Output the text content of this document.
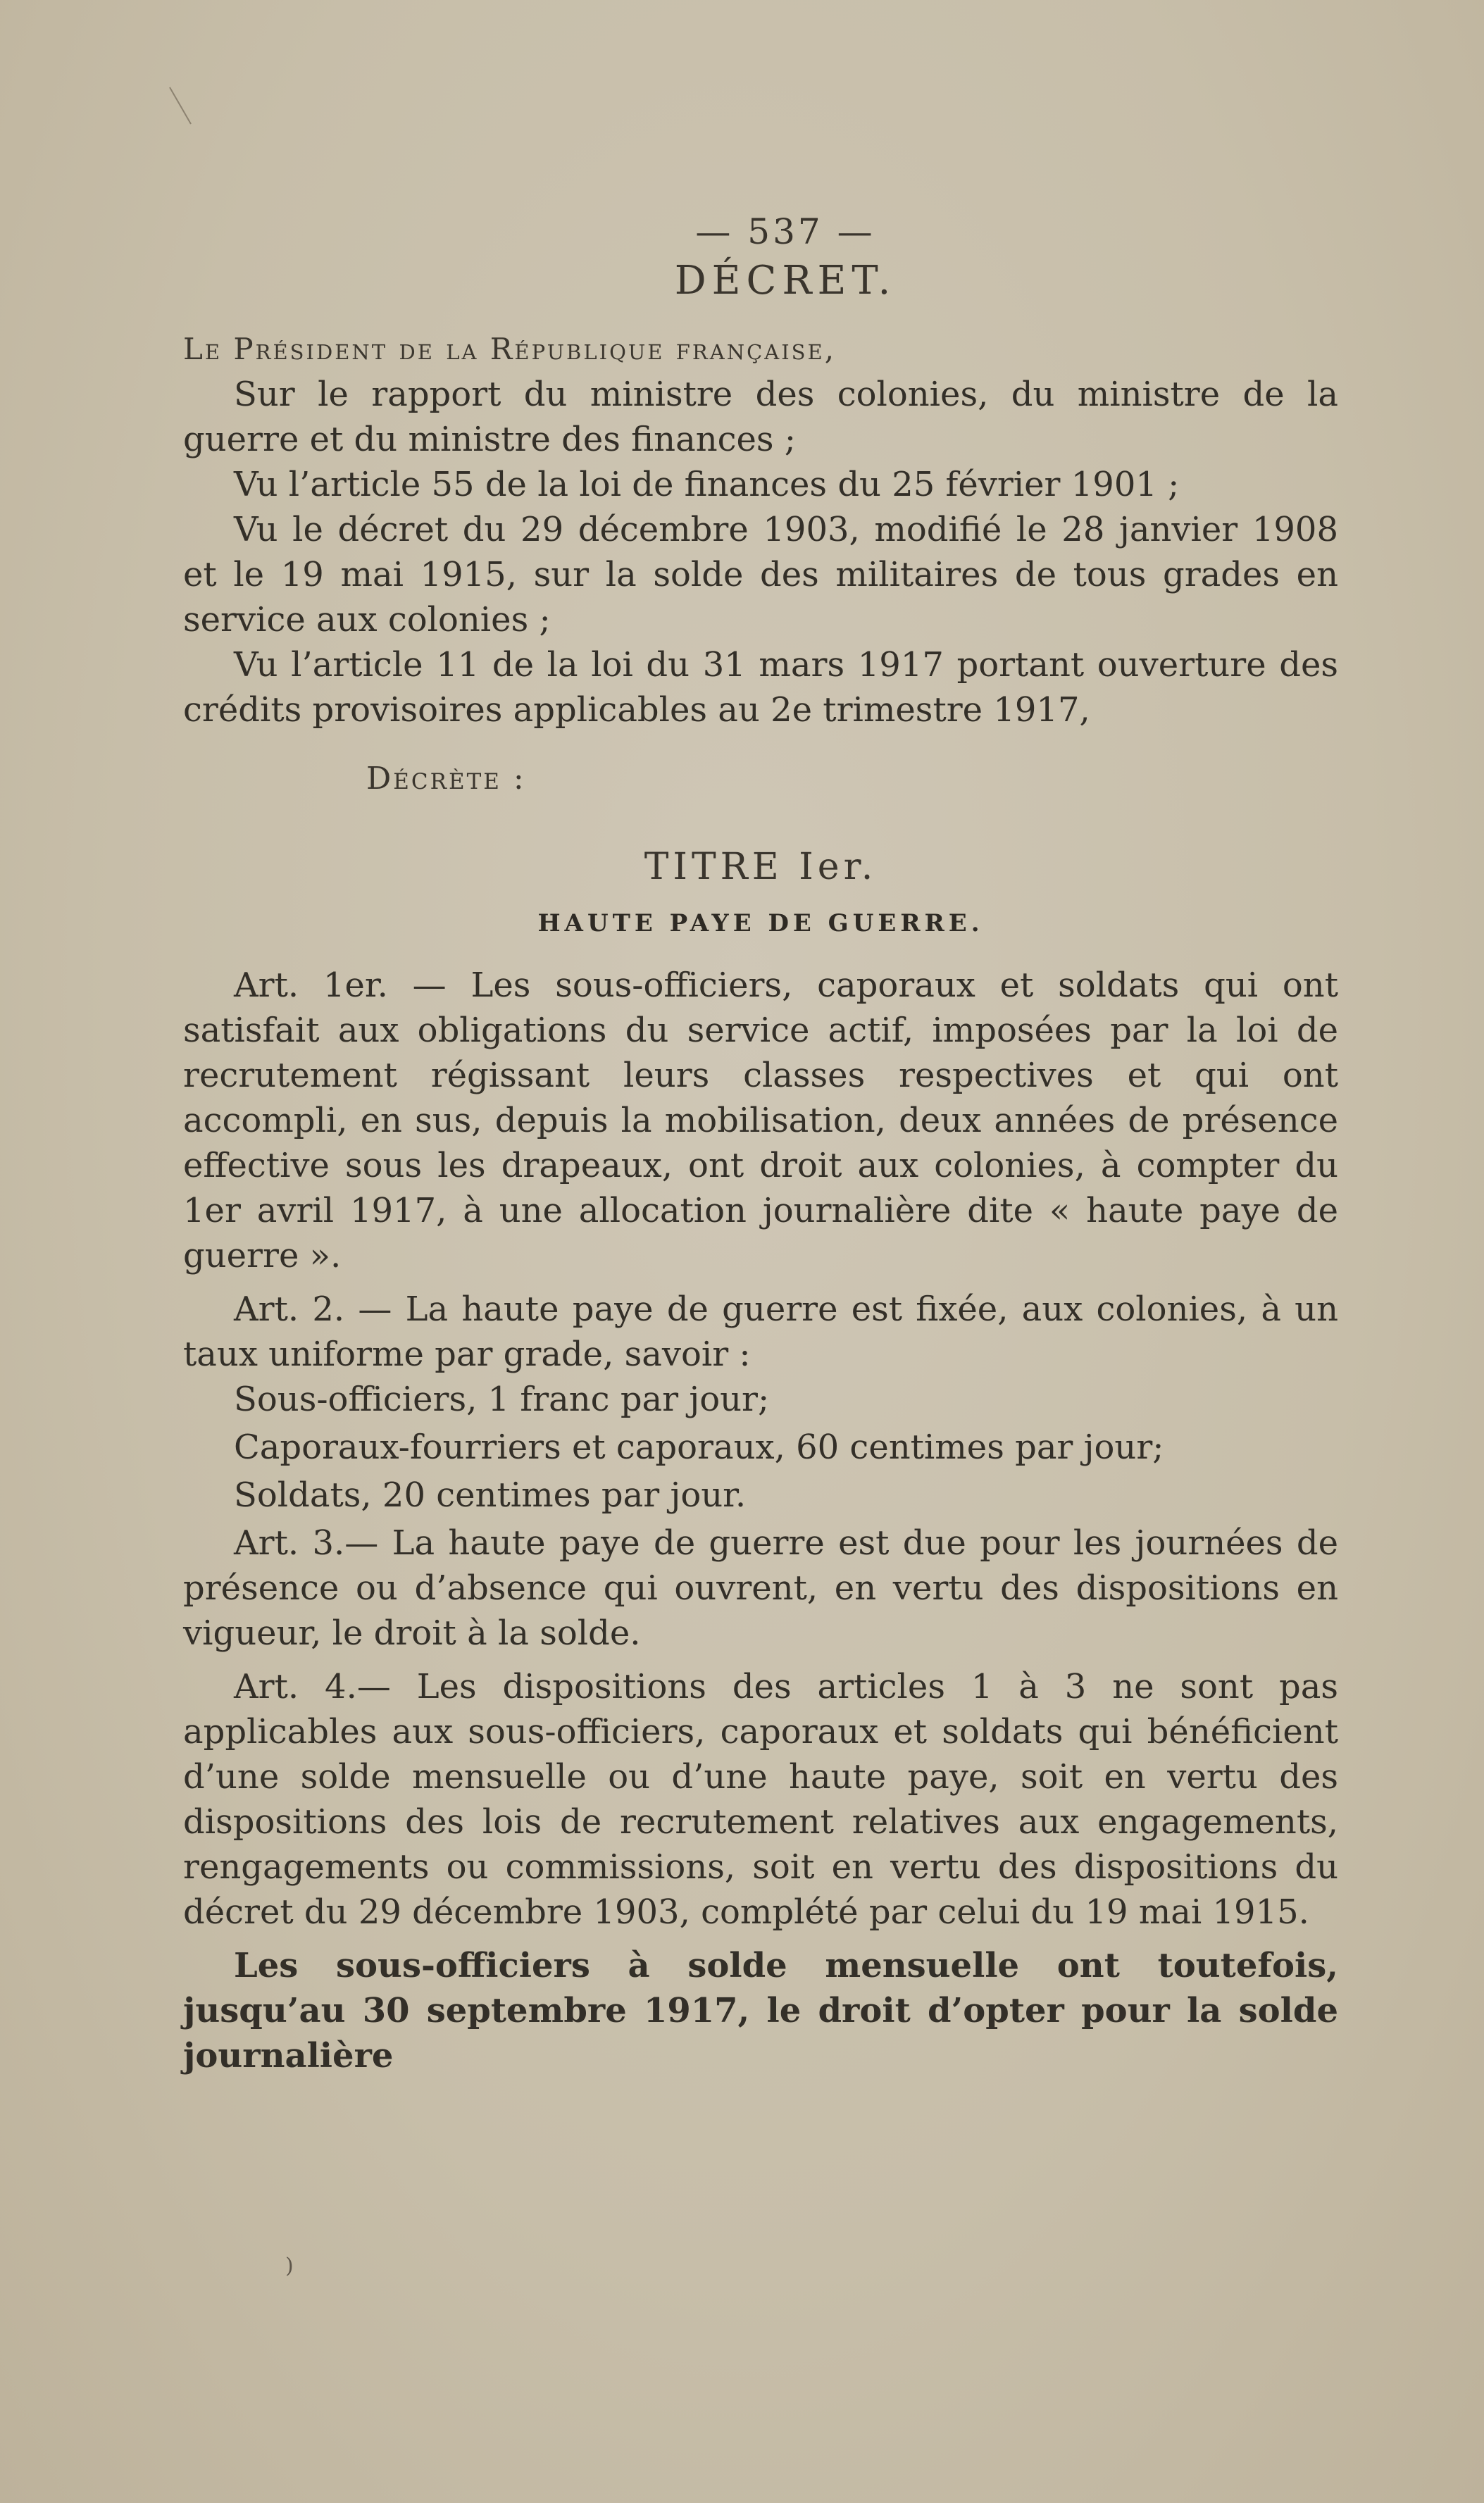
— 537 —
DÉCRET.
Le Président de la République française,

Sur le rapport du ministre des colonies, du ministre de la guerre et du ministre des finances ;

Vu l’article 55 de la loi de finances du 25 février 1901 ;

Vu le décret du 29 décembre 1903, modifié le 28 janvier 1908 et le 19 mai 1915, sur la solde des militaires de tous grades en service aux colonies ;

Vu l’article 11 de la loi du 31 mars 1917 portant ouverture des crédits provisoires applicables au 2e trimestre 1917,

Décrète :
TITRE Ier.
HAUTE PAYE DE GUERRE.

Art. 1er. — Les sous-officiers, caporaux et soldats qui ont satisfait aux obligations du service actif, imposées par la loi de recrutement régissant leurs classes respectives et qui ont accompli, en sus, depuis la mobilisation, deux années de présence effective sous les drapeaux, ont droit aux colonies, à compter du 1er avril 1917, à une allocation journalière dite « haute paye de guerre ».

Art. 2. — La haute paye de guerre est fixée, aux colonies, à un taux uniforme par grade, savoir :

Sous-officiers, 1 franc par jour;
Caporaux-fourriers et caporaux, 60 centimes par jour;
Soldats, 20 centimes par jour.

Art. 3.— La haute paye de guerre est due pour les journées de présence ou d’absence qui ouvrent, en vertu des dispositions en vigueur, le droit à la solde.

Art. 4.— Les dispositions des articles 1 à 3 ne sont pas applicables aux sous-officiers, caporaux et soldats qui bénéficient d’une solde mensuelle ou d’une haute paye, soit en vertu des dispositions des lois de recrutement relatives aux engagements, rengagements ou commissions, soit en vertu des dispositions du décret du 29 décembre 1903, complété par celui du 19 mai 1915.

Les sous-officiers à solde mensuelle ont toutefois, jusqu’au 30 septembre 1917, le droit d’opter pour la solde journalière

)
